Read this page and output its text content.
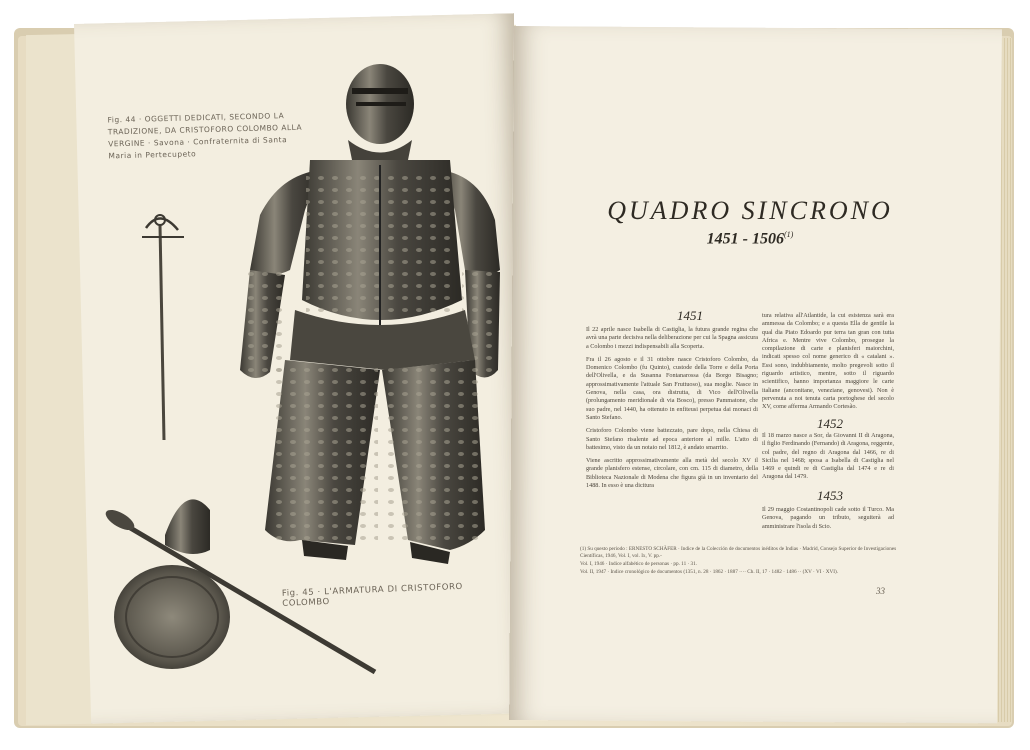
Fig. 44 · OGGETTI DEDICATI, SECONDO LA TRADIZIONE, DA CRISTOFORO COLOMBO ALLA VERGINE · Savona · Confraternita di Santa Maria in Pertecupeto
Fig. 45 · L'ARMATURA DI CRISTOFORO COLOMBO
QUADRO SINCRONO
1451 - 1506$^{(1)}$
1451
1452
1453

Il 22 aprile nasce Isabella di Castiglia, la futura grande regina che avrà una parte decisiva nella deliberazione per cui la Spagna assicura a Colombo i mezzi indispensabili alla Scoperta.

Fra il 26 agosto e il 31 ottobre nasce Cristoforo Colombo, da Domenico Colombo (fu Quinto), custode della Torre e della Porta dell'Olivella, e da Susanna Fontanarossa (da Borgo Bisagno; approssimativamente l'attuale San Fruttuoso), sua moglie. Nasce in Genova, nella casa, ora distrutta, di Vico dell'Olivella (prolungamento meridionale di via Bosco), presso Pammatone, che suo padre, nel 1440, ha ottenuto in enfiteusi perpetua dai monaci di Santo Stefano.

Cristoforo Colombo viene battezzato, pare dopo, nella Chiesa di Santo Stefano risalente ad epoca anteriore al mille. L'atto di battesimo, visto da un notaio nel 1812, è andato smarrito.

Viene ascritto approssimativamente alla metà del secolo XV il grande planisfero estense, circolare, con cm. 115 di diametro, della Biblioteca Nazionale di Modena che figura già in un inventario del 1488. In esso è una dicitura

tura relativa all'Atlantide, la cui esistenza sarà era ammessa da Colombo; e a questa Ella de gentile la qual dia Piato Edoardo pur terra tan gran con tutta Africa e. Mentre vive Colombo, prosegue la compilazione di carte e planisferi maiorchini, indicati spesso col nome generico di « catalani ». Essi sono, indubbiamente, molto pregevoli sotto il riguardo artistico, mentre, sotto il riguardo scientifico, hanno importanza maggiore le carte italiane (anconitane, veneziane, genovesi). Non è pervenuta a noi tenuta carta portoghese del secolo XV, come afferma Armando Cortesão.

Il 18 marzo nasce a Sor, da Giovanni II di Aragona, il figlio Ferdinando (Fernando) di Aragona, reggente, col padre, del regno di Aragona dal 1466, re di Sicilia nel 1468; sposa a Isabella di Castiglia nel 1469 e quindi re di Castiglia dal 1474 e re di Aragona dal 1479.

Il 29 maggio Costantinopoli cade sotto il Turco. Ma Genova, pagando un tributo, seguiterà ad amministrare l'isola di Scio.

(1) Su questo periodo : ERNESTO SCHÄFER · Indice de la Colección de documentos inéditos de Indias · Madrid, Consejo Superior de Investigaciones Científicas, 1946, Vol. I, vol. Ix, V. pp.-
Vol. I, 1946 · Indice alfabético de personas · pp. 11 · 31.
Vol. II, 1947 · Indice cronológico de documentos (1351, n. 28 · 1862 · 1887 ···· Ch. II, 17 · 1482 · 1486 ·· (XV · VI · XVI).
33
